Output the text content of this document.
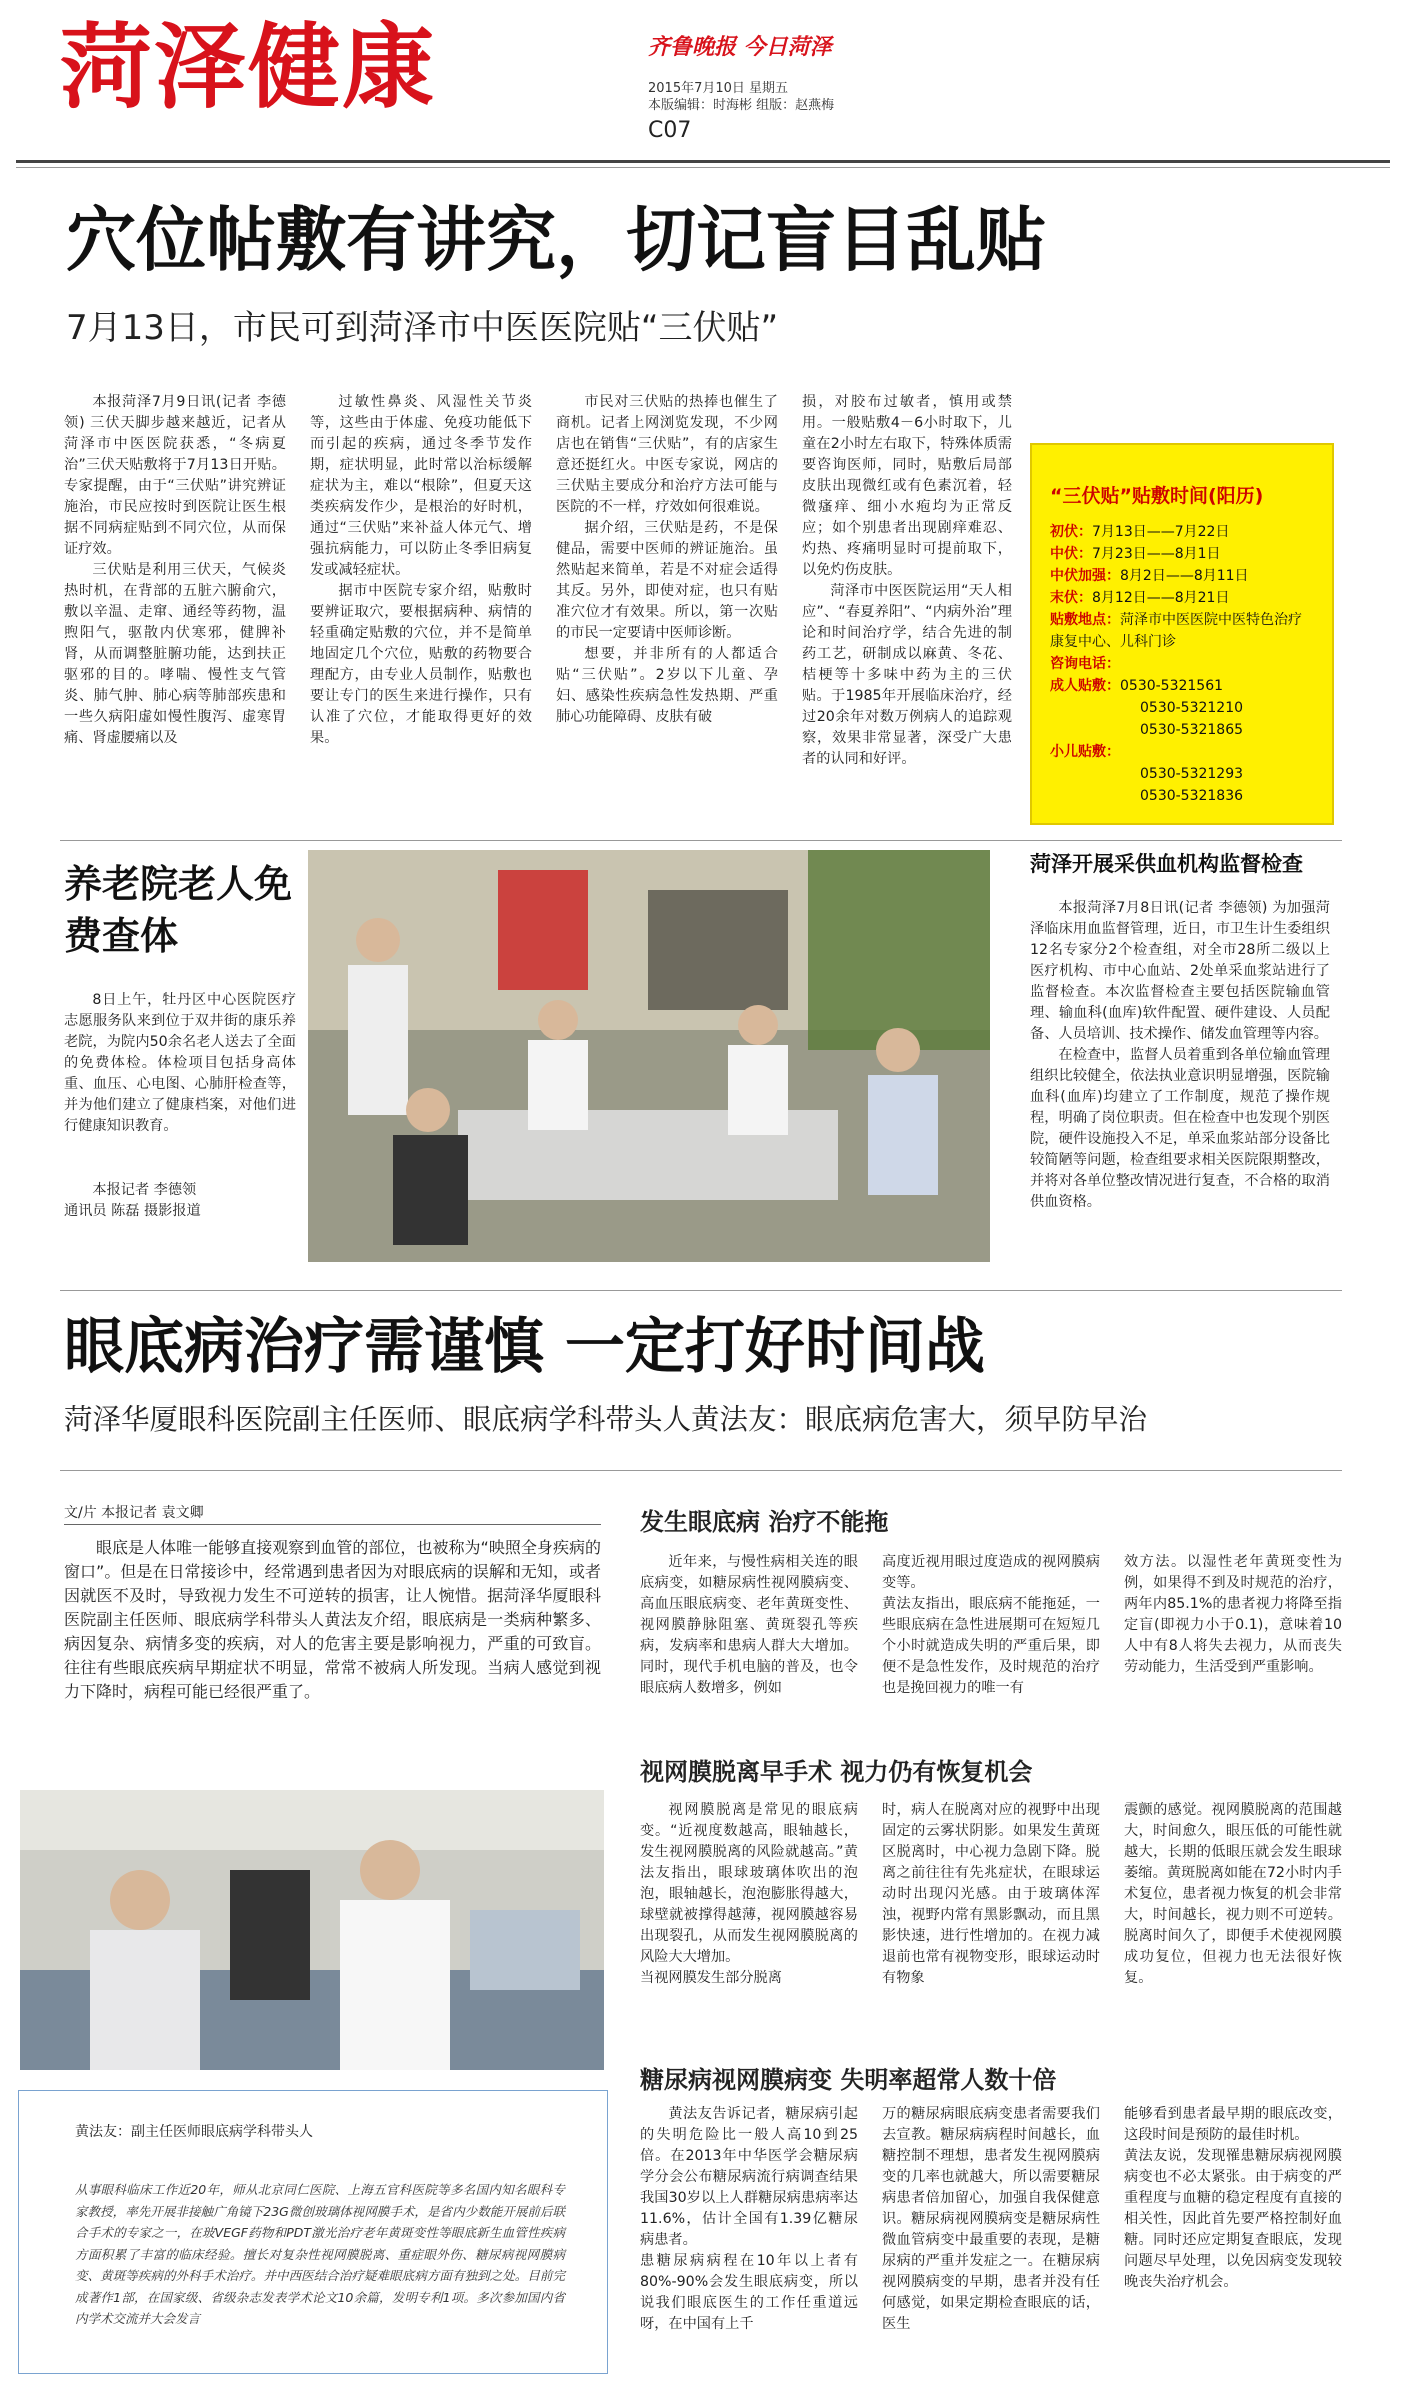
菏泽健康	齐鲁晚报 今日菏泽
2015年7月10日 星期五
本版编辑：时海彬 组版：赵燕梅
C07
穴位帖敷有讲究，切记盲目乱贴
7月13日，市民可到菏泽市中医医院贴“三伏贴”

本报菏泽7月9日讯(记者 李德领) 三伏天脚步越来越近，记者从菏泽市中医医院获悉，“冬病夏治”三伏天贴敷将于7月13日开贴。专家提醒，由于“三伏贴”讲究辨证施治，市民应按时到医院让医生根据不同病症贴到不同穴位，从而保证疗效。

三伏贴是利用三伏天，气候炎热时机，在背部的五脏六腑俞穴，敷以辛温、走窜、通经等药物，温煦阳气，驱散内伏寒邪，健脾补肾，从而调整脏腑功能，达到扶正驱邪的目的。哮喘、慢性支气管炎、肺气肿、肺心病等肺部疾患和一些久病阳虚如慢性腹泻、虚寒胃痛、肾虚腰痛以及

过敏性鼻炎、风湿性关节炎等，这些由于体虚、免疫功能低下而引起的疾病，通过冬季节发作期，症状明显，此时常以治标缓解症状为主，难以“根除”，但夏天这类疾病发作少，是根治的好时机，通过“三伏贴”来补益人体元气、增强抗病能力，可以防止冬季旧病复发或减轻症状。

据市中医院专家介绍，贴敷时要辨证取穴，要根据病种、病情的轻重确定贴敷的穴位，并不是简单地固定几个穴位，贴敷的药物要合理配方，由专业人员制作，贴敷也要让专门的医生来进行操作，只有认准了穴位，才能取得更好的效果。

市民对三伏贴的热捧也催生了商机。记者上网浏览发现，不少网店也在销售“三伏贴”，有的店家生意还挺红火。中医专家说，网店的三伏贴主要成分和治疗方法可能与医院的不一样，疗效如何很难说。

据介绍，三伏贴是药，不是保健品，需要中医师的辨证施治。虽然贴起来简单，若是不对症会适得其反。另外，即使对症，也只有贴准穴位才有效果。所以，第一次贴的市民一定要请中医师诊断。

想要，并非所有的人都适合贴“三伏贴”。2岁以下儿童、孕妇、感染性疾病急性发热期、严重肺心功能障碍、皮肤有破

损，对胶布过敏者，慎用或禁用。一般贴敷4－6小时取下，儿童在2小时左右取下，特殊体质需要咨询医师，同时，贴敷后局部皮肤出现微红或有色素沉着，轻微瘙痒、细小水疱均为正常反应；如个别患者出现剧痒难忍、灼热、疼痛明显时可提前取下，以免灼伤皮肤。

菏泽市中医医院运用“天人相应”、“春夏养阳”、“内病外治”理论和时间治疗学，结合先进的制药工艺，研制成以麻黄、冬花、桔梗等十多味中药为主的三伏贴。于1985年开展临床治疗，经过20余年对数万例病人的追踪观察，效果非常显著，深受广大患者的认同和好评。

“三伏贴”贴敷时间(阳历)
初伏：7月13日——7月22日
中伏：7月23日——8月1日
中伏加强：8月2日——8月11日
末伏：8月12日——8月21日
贴敷地点：菏泽市中医医院中医特色治疗康复中心、儿科门诊
咨询电话：
成人贴敷：0530-5321561
0530-5321210
0530-5321865
小儿贴敷：
0530-5321293
0530-5321836
养老院老人免费查体

8日上午，牡丹区中心医院医疗志愿服务队来到位于双井街的康乐养老院，为院内50余名老人送去了全面的免费体检。体检项目包括身高体重、血压、心电图、心肺肝检查等，并为他们建立了健康档案，对他们进行健康知识教育。

本报记者 李德领
通讯员 陈磊 摄影报道
菏泽开展采供血机构监督检查

本报菏泽7月8日讯(记者 李德领) 为加强菏泽临床用血监督管理，近日，市卫生计生委组织12名专家分2个检查组，对全市28所二级以上医疗机构、市中心血站、2处单采血浆站进行了监督检查。本次监督检查主要包括医院输血管理、输血科(血库)软件配置、硬件建设、人员配备、人员培训、技术操作、储发血管理等内容。

在检查中，监督人员着重到各单位输血管理组织比较健全，依法执业意识明显增强，医院输血科(血库)均建立了工作制度，规范了操作规程，明确了岗位职责。但在检查中也发现个别医院，硬件设施投入不足，单采血浆站部分设备比较简陋等问题，检查组要求相关医院限期整改，并将对各单位整改情况进行复查，不合格的取消供血资格。

眼底病治疗需谨慎 一定打好时间战
菏泽华厦眼科医院副主任医师、眼底病学科带头人黄法友：眼底病危害大，须早防早治
文/片 本报记者 袁文卿

眼底是人体唯一能够直接观察到血管的部位，也被称为“映照全身疾病的窗口”。但是在日常接诊中，经常遇到患者因为对眼底病的误解和无知，或者因就医不及时，导致视力发生不可逆转的损害，让人惋惜。据菏泽华厦眼科医院副主任医师、眼底病学科带头人黄法友介绍，眼底病是一类病种繁多、病因复杂、病情多变的疾病，对人的危害主要是影响视力，严重的可致盲。往往有些眼底疾病早期症状不明显，常常不被病人所发现。当病人感觉到视力下降时，病程可能已经很严重了。

发生眼底病 治疗不能拖

近年来，与慢性病相关连的眼底病变，如糖尿病性视网膜病变、高血压眼底病变、老年黄斑变性、视网膜静脉阻塞、黄斑裂孔等疾病，发病率和患病人群大大增加。同时，现代手机电脑的普及，也令眼底病人数增多，例如

高度近视用眼过度造成的视网膜病变等。
黄法友指出，眼底病不能拖延，一些眼底病在急性进展期可在短短几个小时就造成失明的严重后果，即便不是急性发作，及时规范的治疗也是挽回视力的唯一有

效方法。以湿性老年黄斑变性为例，如果得不到及时规范的治疗，两年内85.1%的患者视力将降至指定盲(即视力小于0.1)，意味着10人中有8人将失去视力，从而丧失劳动能力，生活受到严重影响。

视网膜脱离早手术 视力仍有恢复机会

视网膜脱离是常见的眼底病变。“近视度数越高，眼轴越长，发生视网膜脱离的风险就越高。”黄法友指出，眼球玻璃体吹出的泡泡，眼轴越长，泡泡膨胀得越大，球壁就被撑得越薄，视网膜越容易出现裂孔，从而发生视网膜脱离的风险大大增加。
当视网膜发生部分脱离

时，病人在脱离对应的视野中出现固定的云雾状阴影。如果发生黄斑区脱离时，中心视力急剧下降。脱离之前往往有先兆症状，在眼球运动时出现闪光感。由于玻璃体浑浊，视野内常有黑影飘动，而且黑影快速，进行性增加的。在视力减退前也常有视物变形，眼球运动时有物象

震颤的感觉。视网膜脱离的范围越大，时间愈久，眼压低的可能性就越大，长期的低眼压就会发生眼球萎缩。黄斑脱离如能在72小时内手术复位，患者视力恢复的机会非常大，时间越长，视力则不可逆转。脱离时间久了，即便手术使视网膜成功复位，但视力也无法很好恢复。

糖尿病视网膜病变 失明率超常人数十倍

黄法友告诉记者，糖尿病引起的失明危险比一般人高10到25倍。在2013年中华医学会糖尿病学分会公布糖尿病流行病调查结果我国30岁以上人群糖尿病患病率达11.6%，估计全国有1.39亿糖尿病患者。
患糖尿病病程在10年以上者有80%-90%会发生眼底病变，所以说我们眼底医生的工作任重道远呀，在中国有上千

万的糖尿病眼底病变患者需要我们去宣教。糖尿病病程时间越长，血糖控制不理想，患者发生视网膜病变的几率也就越大，所以需要糖尿病患者倍加留心，加强自我保健意识。糖尿病视网膜病变是糖尿病性微血管病变中最重要的表现，是糖尿病的严重并发症之一。在糖尿病视网膜病变的早期，患者并没有任何感觉，如果定期检查眼底的话，医生

能够看到患者最早期的眼底改变，这段时间是预防的最佳时机。
黄法友说，发现罹患糖尿病视网膜病变也不必太紧张。由于病变的严重程度与血糖的稳定程度有直接的相关性，因此首先要严格控制好血糖。同时还应定期复查眼底，发现问题尽早处理，以免因病变发现较晚丧失治疗机会。

黄法友：副主任医师眼底病学科带头人
从事眼科临床工作近20年，师从北京同仁医院、上海五官科医院等多名国内知名眼科专家教授，率先开展非接触广角镜下23G微创玻璃体视网膜手术，是省内少数能开展前后联合手术的专家之一，在玻VEGF药物和PDT激光治疗老年黄斑变性等眼底新生血管性疾病方面积累了丰富的临床经验。擅长对复杂性视网膜脱离、重症眼外伤、糖尿病视网膜病变、黄斑等疾病的外科手术治疗。并中西医结合治疗疑难眼底病方面有独到之处。目前完成著作1部，在国家级、省级杂志发表学术论文10余篇，发明专利1项。多次参加国内省内学术交流并大会发言
